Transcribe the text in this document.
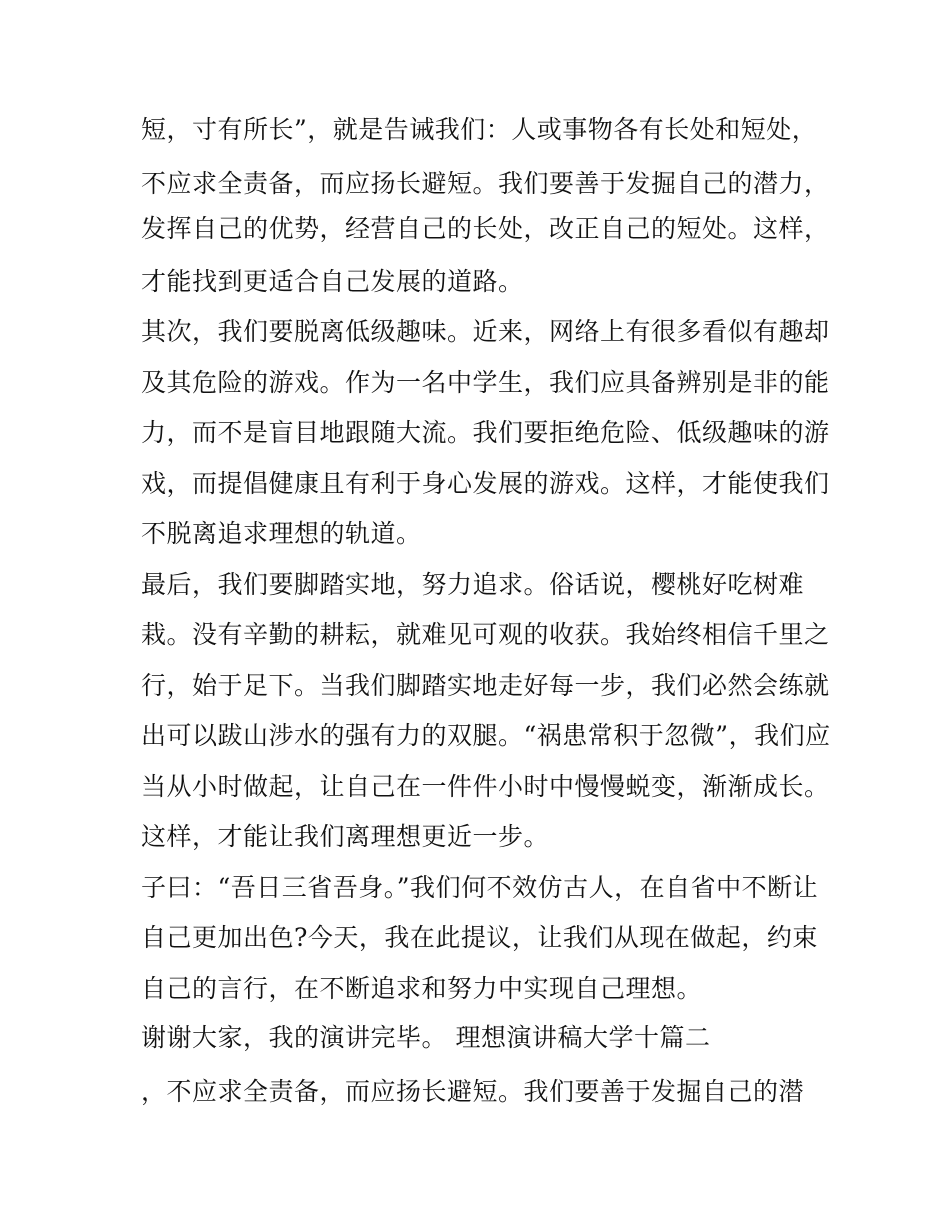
短，寸有所长”，就是告诫我们：人或事物各有长处和短处，
不应求全责备，而应扬长避短。我们要善于发掘自己的潜力，
发挥自己的优势，经营自己的长处，改正自己的短处。这样，
才能找到更适合自己发展的道路。
其次，我们要脱离低级趣味。近来，网络上有很多看似有趣却
及其危险的游戏。作为一名中学生，我们应具备辨别是非的能
力，而不是盲目地跟随大流。我们要拒绝危险、低级趣味的游
戏，而提倡健康且有利于身心发展的游戏。这样，才能使我们
不脱离追求理想的轨道。
最后，我们要脚踏实地，努力追求。俗话说，樱桃好吃树难
栽。没有辛勤的耕耘，就难见可观的收获。我始终相信千里之
行，始于足下。当我们脚踏实地走好每一步，我们必然会练就
出可以跋山涉水的强有力的双腿。“祸患常积于忽微”，我们应
当从小时做起，让自己在一件件小时中慢慢蜕变，渐渐成长。
这样，才能让我们离理想更近一步。
子曰：“吾日三省吾身。”我们何不效仿古人，在自省中不断让
自己更加出色?今天，我在此提议，让我们从现在做起，约束
自己的言行，在不断追求和努力中实现自己理想。
谢谢大家，我的演讲完毕。 理想演讲稿大学十篇二
，不应求全责备，而应扬长避短。我们要善于发掘自己的潜
